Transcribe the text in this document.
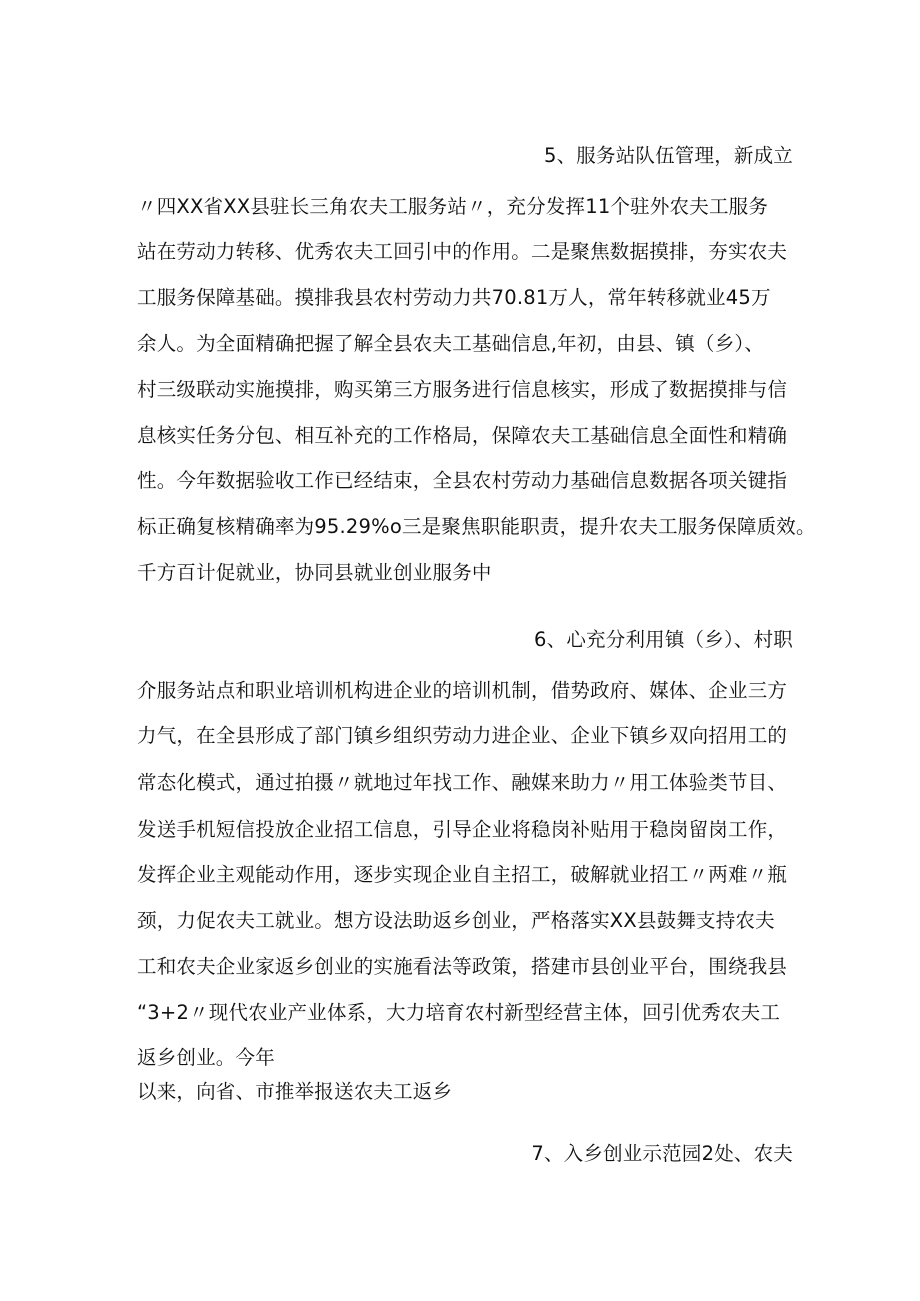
5、服务站队伍管理，新成立
〃四XX省XX县驻长三角农夫工服务站〃，充分发挥11个驻外农夫工服务
站在劳动力转移、优秀农夫工回引中的作用。二是聚焦数据摸排，夯实农夫
工服务保障基础。摸排我县农村劳动力共70.81万人，常年转移就业45万
余人。为全面精确把握了解全县农夫工基础信息,年初，由县、镇（乡）、
村三级联动实施摸排，购买第三方服务进行信息核实，形成了数据摸排与信
息核实任务分包、相互补充的工作格局，保障农夫工基础信息全面性和精确
性。今年数据验收工作已经结束，全县农村劳动力基础信息数据各项关键指
标正确复核精确率为95.29%o三是聚焦职能职责，提升农夫工服务保障质效。
千方百计促就业，协同县就业创业服务中
6、心充分利用镇（乡）、村职
介服务站点和职业培训机构进企业的培训机制，借势政府、媒体、企业三方
力气，在全县形成了部门镇乡组织劳动力进企业、企业下镇乡双向招用工的
常态化模式，通过拍摄〃就地过年找工作、融媒来助力〃用工体验类节目、
发送手机短信投放企业招工信息，引导企业将稳岗补贴用于稳岗留岗工作，
发挥企业主观能动作用，逐步实现企业自主招工，破解就业招工〃两难〃瓶
颈，力促农夫工就业。想方设法助返乡创业，严格落实XX县鼓舞支持农夫
工和农夫企业家返乡创业的实施看法等政策，搭建市县创业平台，围绕我县
“3+2〃现代农业产业体系，大力培育农村新型经营主体，回引优秀农夫工
返乡创业。今年
以来，向省、市推举报送农夫工返乡
7、入乡创业示范园2处、农夫
